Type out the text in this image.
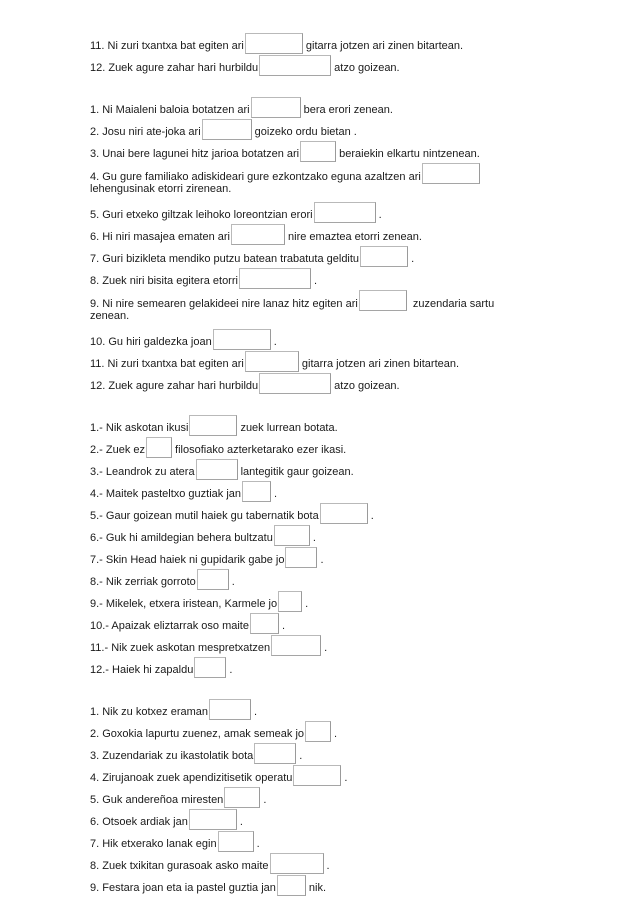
11. Ni zuri txantxa bat egiten ari	gitarra jotzen ari zinen bitartean.
12. Zuek agure zahar hari hurbildu	atzo goizean.
1. Ni Maialeni baloia botatzen ari	bera erori zenean.
2. Josu niri ate-joka ari	goizeko ordu bietan .
3. Unai bere lagunei hitz jarioa botatzen ari	beraiekin elkartu nintzenean.
4. Gu gure familiako adiskideari gure ezkontzako eguna azaltzen ari lehengusinak etorri zirenean.
5. Guri etxeko giltzak leihoko loreontzian erori	.
6. Hi niri masajea ematen ari	nire emaztea etorri zenean.
7. Guri bizikleta mendiko putzu batean trabatuta gelditu	.
8. Zuek niri bisita egitera etorri	.
9. Ni nire semearen gelakideei nire lanaz hitz egiten ari	zuzendaria sartu zenean.
10. Gu hiri galdezka joan	.
11. Ni zuri txantxa bat egiten ari	gitarra jotzen ari zinen bitartean.
12. Zuek agure zahar hari hurbildu	atzo goizean.
1.- Nik askotan ikusi	zuek lurrean botata.
2.- Zuek ez	filosofiako azterketarako ezer ikasi.
3.- Leandrok zu atera	lantegitik gaur goizean.
4.- Maitek pasteltxo guztiak jan	.
5.- Gaur goizean mutil haiek gu tabernatik bota	.
6.- Guk hi amildegian behera bultzatu	.
7.- Skin Head haiek ni gupidarik gabe jo	.
8.- Nik zerriak gorroto	.
9.- Mikelek, etxera iristean, Karmele jo	.
10.- Apaizak eliztarrak oso maite	.
11.- Nik zuek askotan mespretxatzen	.
12.- Haiek hi zapaldu	.
1. Nik zu kotxez eraman	.
2. Goxokia lapurtu zuenez, amak semeak jo	.
3. Zuzendariak zu ikastolatik bota	.
4. Zirujanoak zuek apendizitisetik operatu	.
5. Guk andereñoa miresten	.
6. Otsoek ardiak jan	.
7. Hik etxerako lanak egin	.
8. Zuek txikitan gurasoak asko maite	.
9. Festara joan eta ia pastel guztia jan	nik.
